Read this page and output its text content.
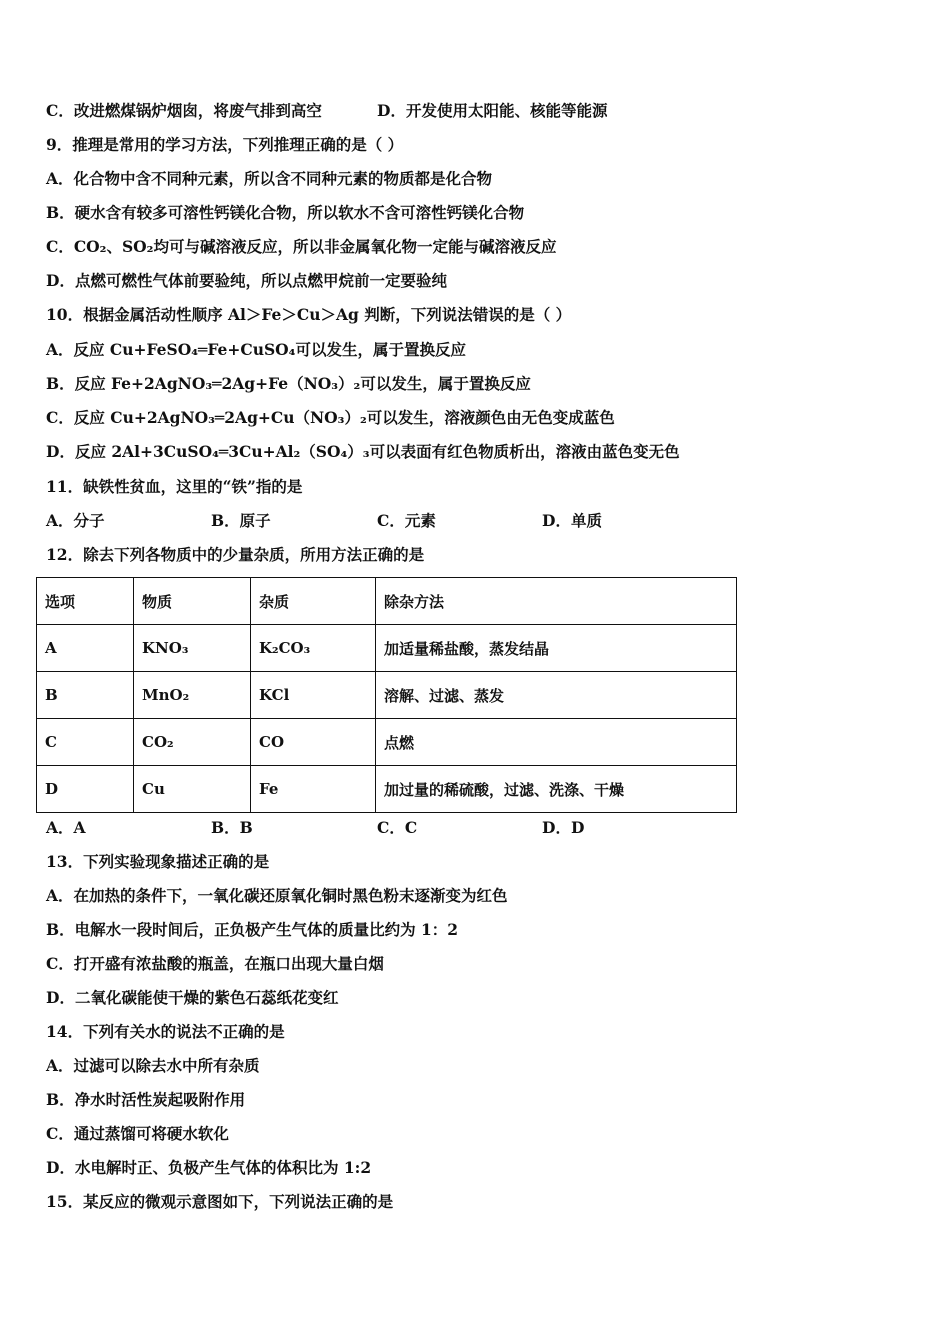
C．改进燃煤锅炉烟囱，将废气排到高空	D．开发使用太阳能、核能等能源
9．推理是常用的学习方法，下列推理正确的是（ ）
A．化合物中含不同种元素，所以含不同种元素的物质都是化合物
B．硬水含有较多可溶性钙镁化合物，所以软水不含可溶性钙镁化合物
C．CO₂、SO₂均可与碱溶液反应，所以非金属氧化物一定能与碱溶液反应
D．点燃可燃性气体前要验纯，所以点燃甲烷前一定要验纯
10．根据金属活动性顺序 Al＞Fe＞Cu＞Ag 判断，下列说法错误的是（ ）
A．反应 Cu+FeSO₄═Fe+CuSO₄可以发生，属于置换反应
B．反应 Fe+2AgNO₃═2Ag+Fe（NO₃）₂可以发生，属于置换反应
C．反应 Cu+2AgNO₃═2Ag+Cu（NO₃）₂可以发生，溶液颜色由无色变成蓝色
D．反应 2Al+3CuSO₄═3Cu+Al₂（SO₄）₃可以表面有红色物质析出，溶液由蓝色变无色
11．缺铁性贫血，这里的“铁”指的是
A．分子	B．原子	C．元素	D．单质
12．除去下列各物质中的少量杂质，所用方法正确的是
选项	物质	杂质	除杂方法
A	KNO₃	K₂CO₃	加适量稀盐酸，蒸发结晶
B	MnO₂	KCl	溶解、过滤、蒸发
C	CO₂	CO	点燃
D	Cu	Fe	加过量的稀硫酸，过滤、洗涤、干燥
A．A	B．B	C．C	D．D
13．下列实验现象描述正确的是
A．在加热的条件下，一氧化碳还原氧化铜时黑色粉末逐渐变为红色
B．电解水一段时间后，正负极产生气体的质量比约为 1：2
C．打开盛有浓盐酸的瓶盖，在瓶口出现大量白烟
D．二氧化碳能使干燥的紫色石蕊纸花变红
14．下列有关水的说法不正确的是
A．过滤可以除去水中所有杂质
B．净水时活性炭起吸附作用
C．通过蒸馏可将硬水软化
D．水电解时正、负极产生气体的体积比为 1:2
15．某反应的微观示意图如下，下列说法正确的是
